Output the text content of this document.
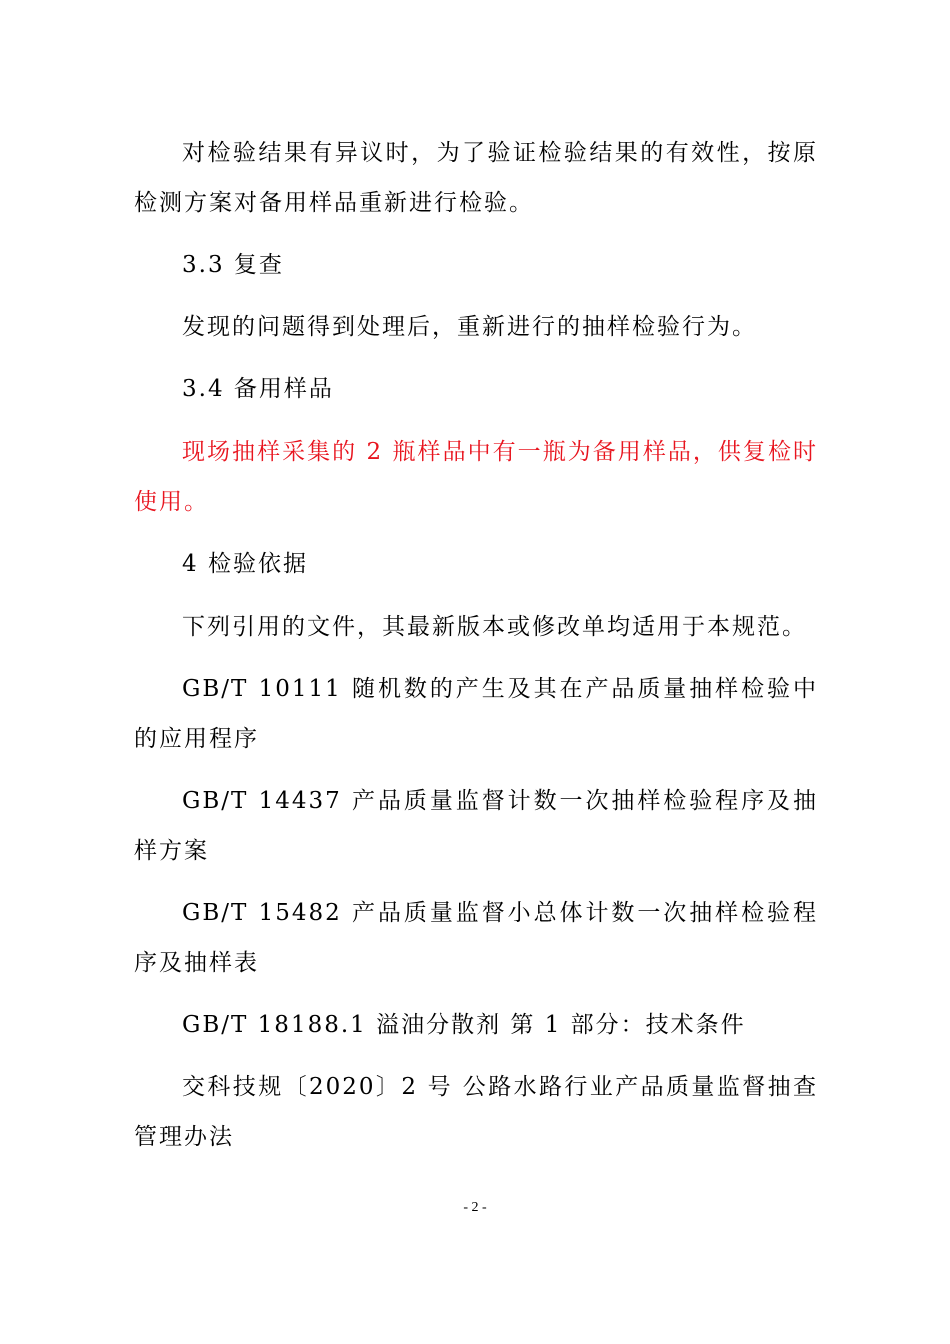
对检验结果有异议时，为了验证检验结果的有效性，按原检测方案对备用样品重新进行检验。

3.3 复查

发现的问题得到处理后，重新进行的抽样检验行为。

3.4 备用样品

现场抽样采集的 2 瓶样品中有一瓶为备用样品，供复检时使用。

4 检验依据

下列引用的文件，其最新版本或修改单均适用于本规范。

GB/T 10111 随机数的产生及其在产品质量抽样检验中的应用程序

GB/T 14437 产品质量监督计数一次抽样检验程序及抽样方案

GB/T 15482 产品质量监督小总体计数一次抽样检验程序及抽样表

GB/T 18188.1 溢油分散剂 第 1 部分：技术条件

交科技规〔2020〕2 号 公路水路行业产品质量监督抽查管理办法

- 2 -
